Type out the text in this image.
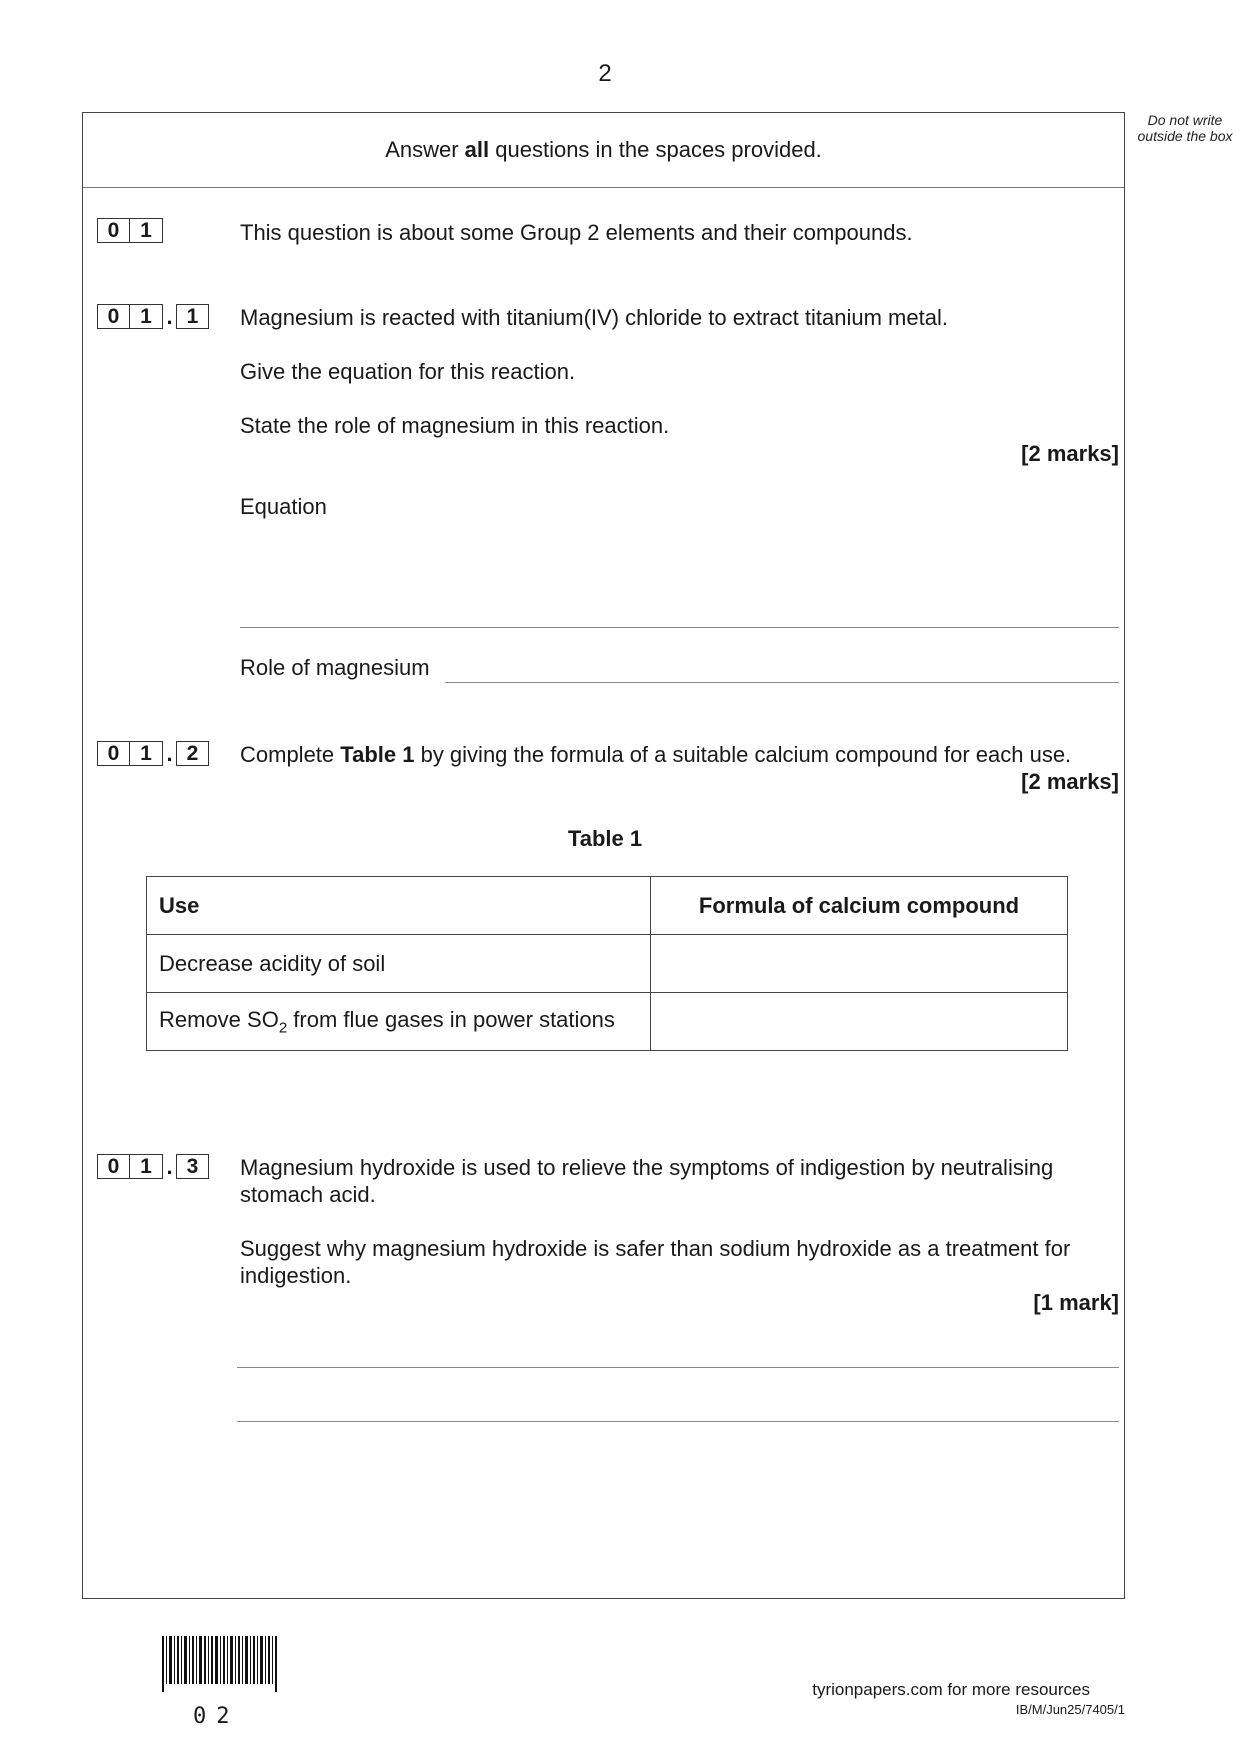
2
Do not write outside the box
Answer all questions in the spaces provided.
0 1	This question is about some Group 2 elements and their compounds.
0 1 . 1	Magnesium is reacted with titanium(IV) chloride to extract titanium metal.
Give the equation for this reaction.
State the role of magnesium in this reaction.
[2 marks]
Equation
Role of magnesium
0 1 . 2	Complete Table 1 by giving the formula of a suitable calcium compound for each use.
[2 marks]
Table 1
Use	Formula of calcium compound
Decrease acidity of soil	
Remove $SO_2$ from flue gases in power stations	
0 1 . 3	Magnesium hydroxide is used to relieve the symptoms of indigestion by neutralising
stomach acid.
Suggest why magnesium hydroxide is safer than sodium hydroxide as a treatment for
indigestion.
[1 mark]
02
tyrionpapers.com for more resources
IB/M/Jun25/7405/1
